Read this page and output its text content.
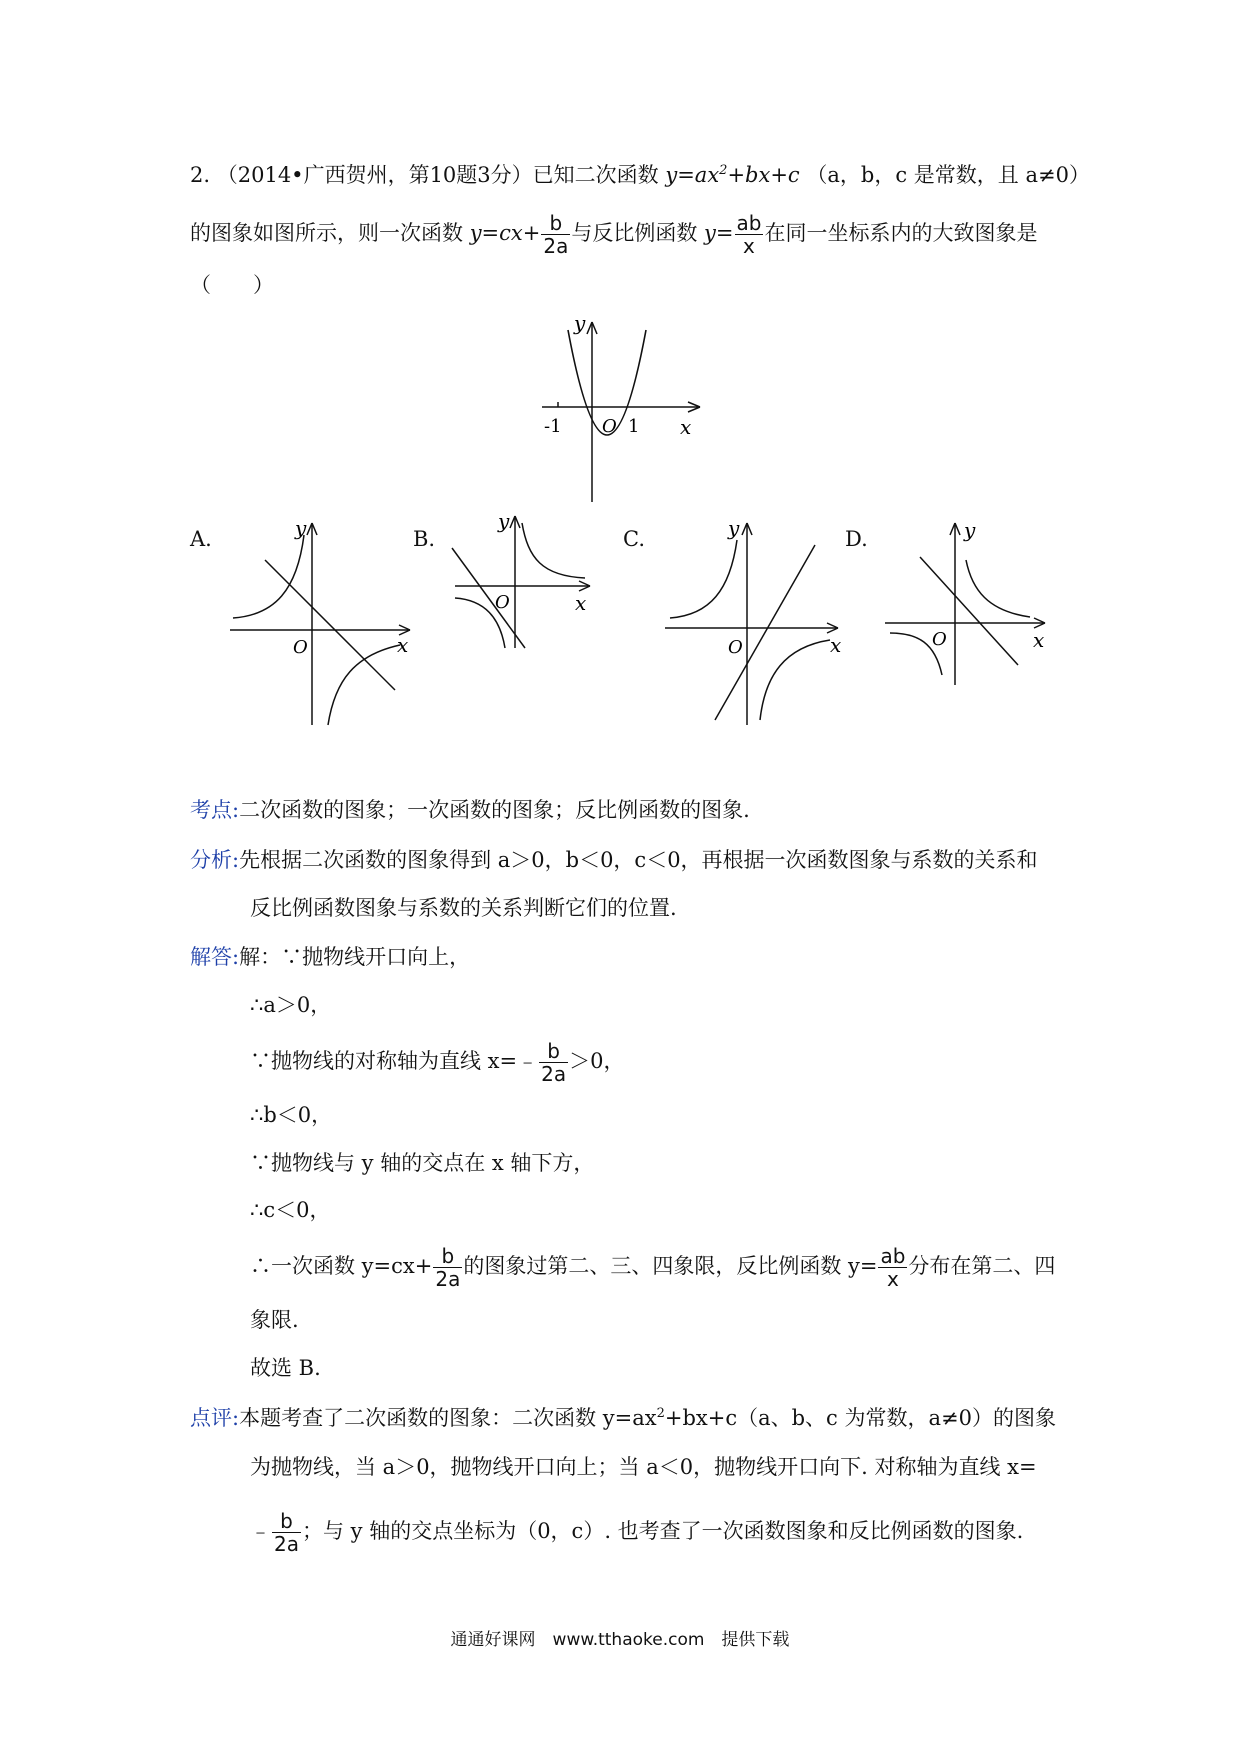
2. （2014•广西贺州，第10题3分）已知二次函数 $y=ax^2+bx+c$ （a，b，c 是常数，且 a≠0）
的图象如图所示，则一次函数 $y=cx+ \frac{b}{2a}$ 与反比例函数 $y= \frac{ab}{x}$ 在同一坐标系内的大致图象是
（　　）
-1 O 1 x
y
A.	B.	C.	D.
O	x
y
O	x
y
O	x
y
O	x
y
考点:二次函数的图象；一次函数的图象；反比例函数的图象.
分析:先根据二次函数的图象得到 a＞0，b＜0，c＜0，再根据一次函数图象与系数的关系和
反比例函数图象与系数的关系判断它们的位置.
解答:解：∵抛物线开口向上，
∴a＞0，
∵抛物线的对称轴为直线 x=﹣ $\frac{b}{2a} >0$，
∴b＜0，
∵抛物线与 y 轴的交点在 x 轴下方，
∴c＜0，
∴一次函数 $y=cx+ \frac{b}{2a}$ 的图象过第二、三、四象限，反比例函数 $y= \frac{ab}{x}$ 分布在第二、四
象限.
故选 B.
点评:本题考查了二次函数的图象：二次函数 $y=ax^2+bx+c(a$、b、c 为常数，a≠0）的图象
为抛物线，当 a＞0，抛物线开口向上；当 a＜0，抛物线开口向下. 对称轴为直线 x=
﹣ $\frac{b}{2a}$ ；与 y 轴的交点坐标为（0，c）. 也考查了一次函数图象和反比例函数的图象.
通通好课网　www.tthaoke.com　提供下载
